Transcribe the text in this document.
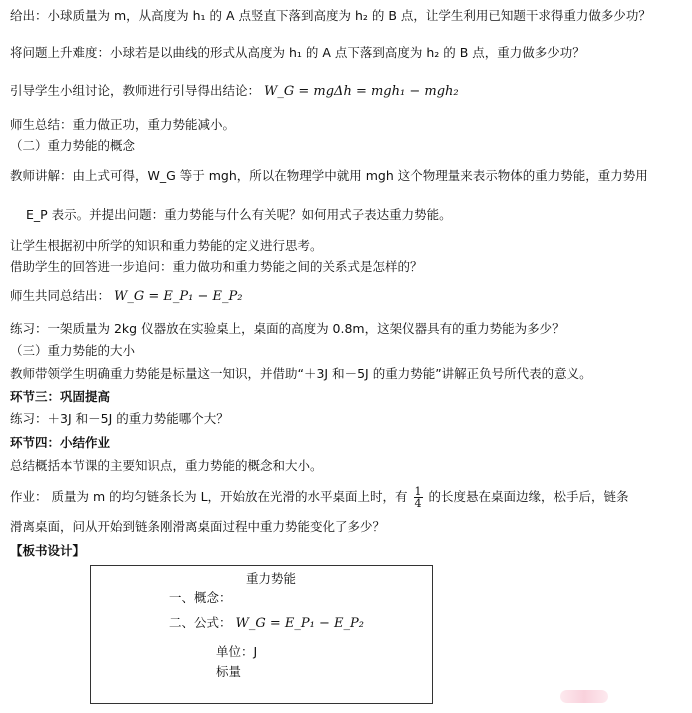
给出：小球质量为 m，从高度为 h₁ 的 A 点竖直下落到高度为 h₂ 的 B 点，让学生利用已知题干求得重力做多少功？
将问题上升难度：小球若是以曲线的形式从高度为 h₁ 的 A 点下落到高度为 h₂ 的 B 点，重力做多少功？
引导学生小组讨论，教师进行引导得出结论： W_G = mgΔh = mgh₁ − mgh₂
师生总结：重力做正功，重力势能减小。
（二）重力势能的概念
教师讲解：由上式可得，W_G 等于 mgh，所以在物理学中就用 mgh 这个物理量来表示物体的重力势能，重力势用
E_P 表示。并提出问题：重力势能与什么有关呢？如何用式子表达重力势能。
让学生根据初中所学的知识和重力势能的定义进行思考。
借助学生的回答进一步追问：重力做功和重力势能之间的关系式是怎样的？
师生共同总结出： W_G = E_P₁ − E_P₂
练习：一架质量为 2kg 仪器放在实验桌上，桌面的高度为 0.8m，这架仪器具有的重力势能为多少？
（三）重力势能的大小
教师带领学生明确重力势能是标量这一知识，并借助“＋3J 和－5J 的重力势能”讲解正负号所代表的意义。
环节三：巩固提高
练习：＋3J 和－5J 的重力势能哪个大？
环节四：小结作业
总结概括本节课的主要知识点，重力势能的概念和大小。
作业： 质量为 m 的均匀链条长为 L，开始放在光滑的水平桌面上时，有 $\frac{1}{4}$ 的长度悬在桌面边缘，松手后，链条
滑离桌面，问从开始到链条刚滑离桌面过程中重力势能变化了多少？
【板书设计】
重力势能
一、概念：
二、公式： W_G = E_P₁ − E_P₂
单位：J
标量
